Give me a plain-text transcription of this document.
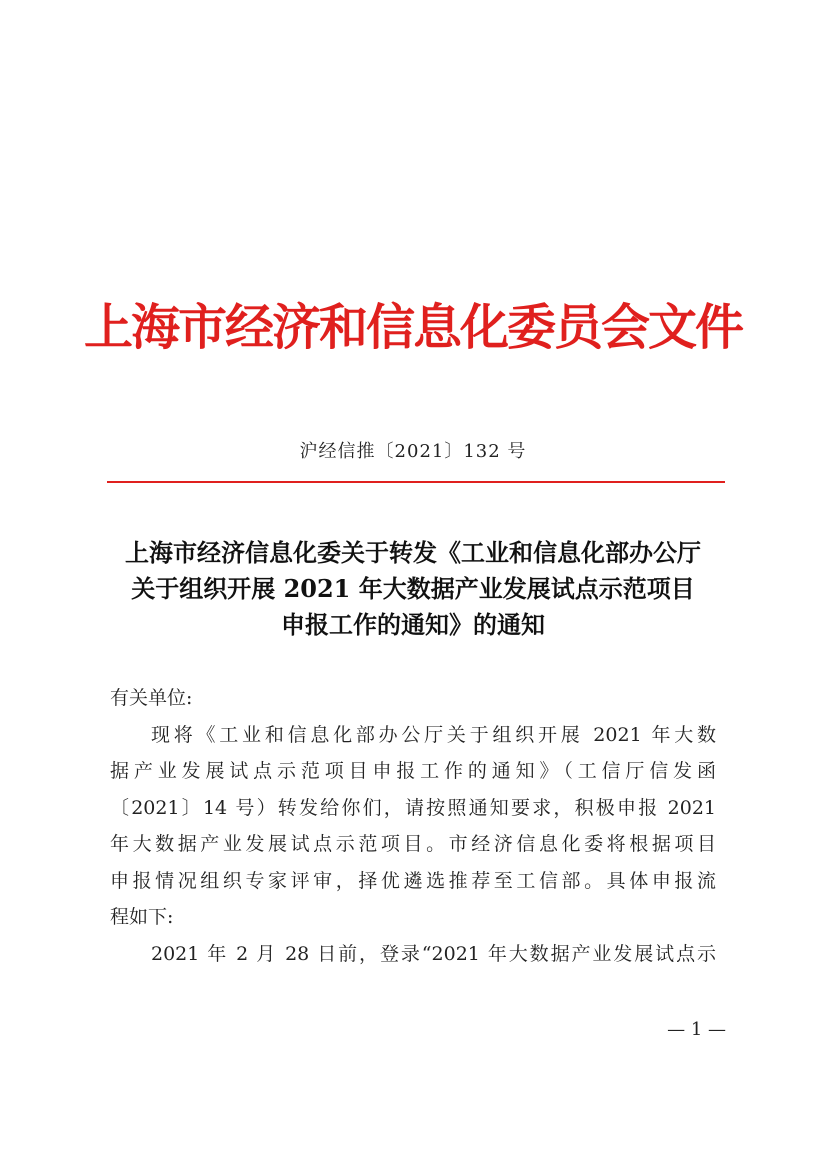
上海市经济和信息化委员会文件
沪经信推〔2021〕132 号
上海市经济信息化委关于转发《工业和信息化部办公厅
关于组织开展 2021 年大数据产业发展试点示范项目
申报工作的通知》的通知
有关单位:
现将《工业和信息化部办公厅关于组织开展 2021 年大数
据产业发展试点示范项目申报工作的通知》（工信厅信发函
〔2021〕14 号）转发给你们，请按照通知要求，积极申报 2021
年大数据产业发展试点示范项目。市经济信息化委将根据项目
申报情况组织专家评审，择优遴选推荐至工信部。具体申报流
程如下:
2021 年 2 月 28 日前，登录“2021 年大数据产业发展试点示
— 1 —
